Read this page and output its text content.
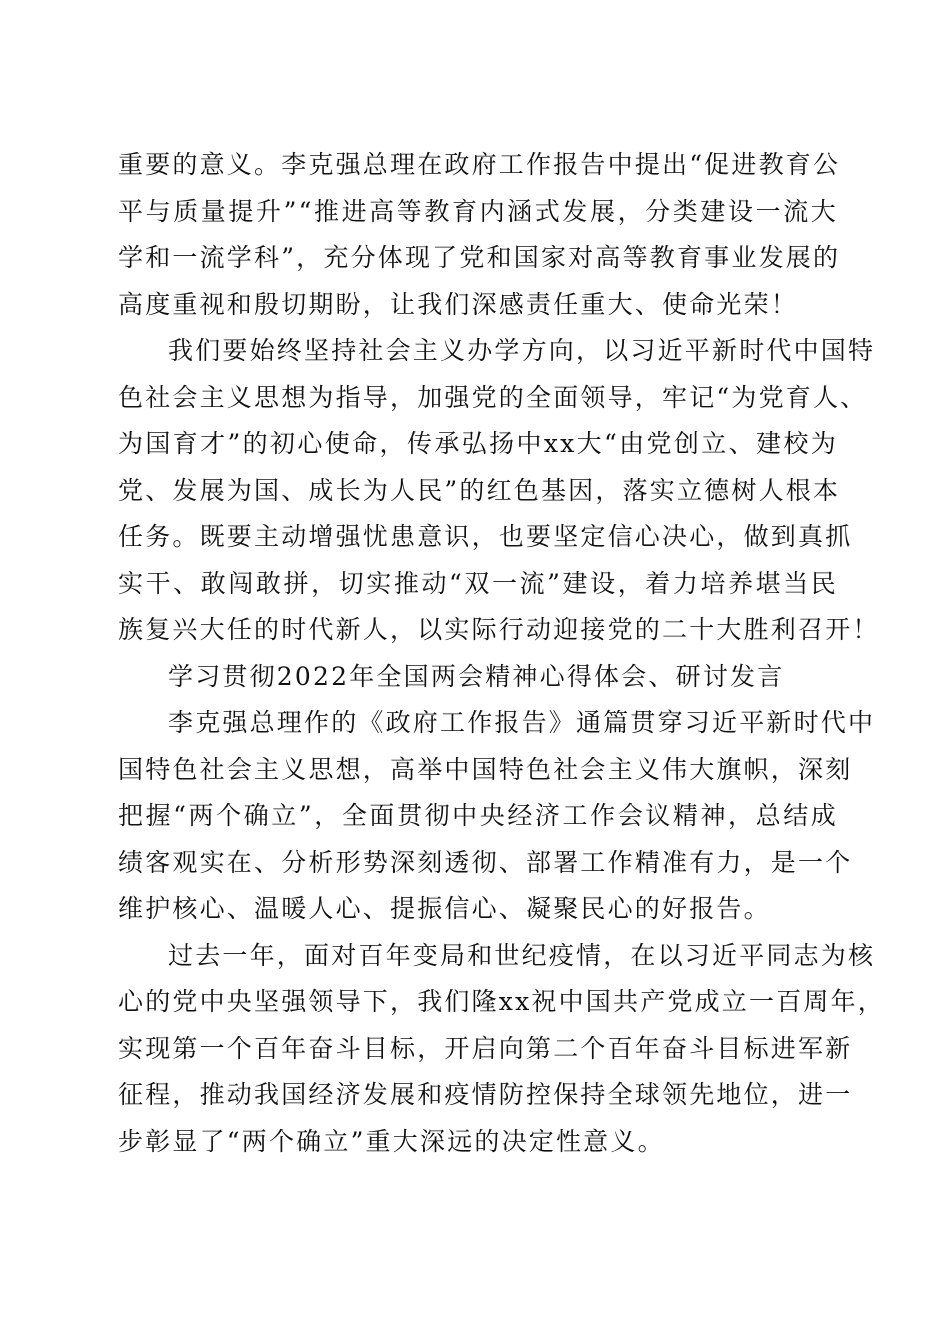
重要的意义。李克强总理在政府工作报告中提出“促进教育公
平与质量提升”“推进高等教育内涵式发展，分类建设一流大
学和一流学科”，充分体现了党和国家对高等教育事业发展的
高度重视和殷切期盼，让我们深感责任重大、使命光荣！

我们要始终坚持社会主义办学方向，以习近平新时代中国特
色社会主义思想为指导，加强党的全面领导，牢记“为党育人、
为国育才”的初心使命，传承弘扬中xx大“由党创立、建校为
党、发展为国、成长为人民”的红色基因，落实立德树人根本
任务。既要主动增强忧患意识，也要坚定信心决心，做到真抓
实干、敢闯敢拼，切实推动“双一流”建设，着力培养堪当民
族复兴大任的时代新人，以实际行动迎接党的二十大胜利召开！

学习贯彻2022年全国两会精神心得体会、研讨发言

李克强总理作的《政府工作报告》通篇贯穿习近平新时代中
国特色社会主义思想，高举中国特色社会主义伟大旗帜，深刻
把握“两个确立”，全面贯彻中央经济工作会议精神，总结成
绩客观实在、分析形势深刻透彻、部署工作精准有力，是一个
维护核心、温暖人心、提振信心、凝聚民心的好报告。

过去一年，面对百年变局和世纪疫情，在以习近平同志为核
心的党中央坚强领导下，我们隆xx祝中国共产党成立一百周年，
实现第一个百年奋斗目标，开启向第二个百年奋斗目标进军新
征程，推动我国经济发展和疫情防控保持全球领先地位，进一
步彰显了“两个确立”重大深远的决定性意义。
